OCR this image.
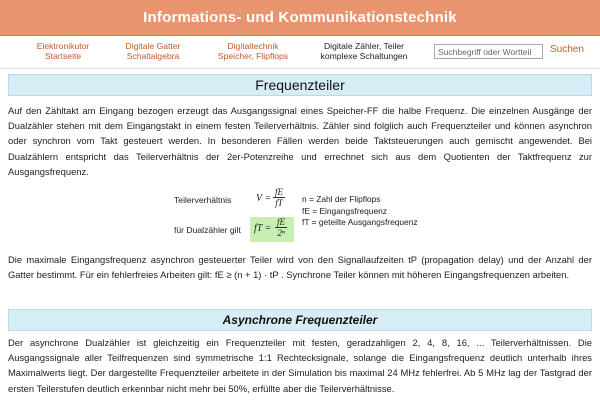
Informations- und Kommunikationstechnik
Elektronikutor
Startseite
Digitale Gatter
Schaltalgebra
Digitaltechnik
Speicher, Flipflops
Digitale Zähler, Teiler
komplexe Schaltungen
Suchbegriff oder Wortteil
Suchen
Frequenzteiler
Auf den Zähltakt am Eingang bezogen erzeugt das Ausgangssignal eines Speicher-FF die halbe Frequenz. Die einzelnen Ausgänge der Dualzähler stehen mit dem Eingangstakt in einem festen Teilerverhältnis. Zähler sind folglich auch Frequenzteiler und können asynchron oder synchron vom Takt gesteuert werden. In besonderen Fällen werden beide Taktsteuerungen auch gemischt angewendet. Bei Dualzählern entspricht das Teilerverhältnis der 2er-Potenzreihe und errechnet sich aus dem Quotienten der Taktfrequenz zur Ausgangsfrequenz.
Teilerverhältnis $V = \frac{fE}{fT}$
für Dualzähler gilt fT = $\frac{fE}{\text{2ⁿ}}$
n = Zahl der Flipflops
fE = Eingangsfrequenz
fT = geteilte Ausgangsfrequenz
Die maximale Eingangsfrequenz asynchron gesteuerter Teiler wird von den Signallaufzeiten tP (propagation delay) und der Anzahl der Gatter bestimmt. Für ein fehlerfreies Arbeiten gilt: fE ≥ (n + 1) · tP . Synchrone Teiler können mit höheren Eingangsfrequenzen arbeiten.
Asynchrone Frequenzteiler
Der asynchrone Dualzähler ist gleichzeitig ein Frequenzteiler mit festen, geradzahligen 2, 4, 8, 16, ... Teilerverhältnissen. Die Ausgangssignale aller Teilfrequenzen sind symmetrische 1:1 Rechtecksignale, solange die Eingangsfrequenz deutlich unterhalb ihres Maximalwerts liegt. Der dargestellte Frequenzteiler arbeitete in der Simulation bis maximal 24 MHz fehlerfrei. Ab 5 MHz lag der Tastgrad der ersten Teilerstufen deutlich erkennbar nicht mehr bei 50%, erfüllte aber die Teilerverhältnisse.
